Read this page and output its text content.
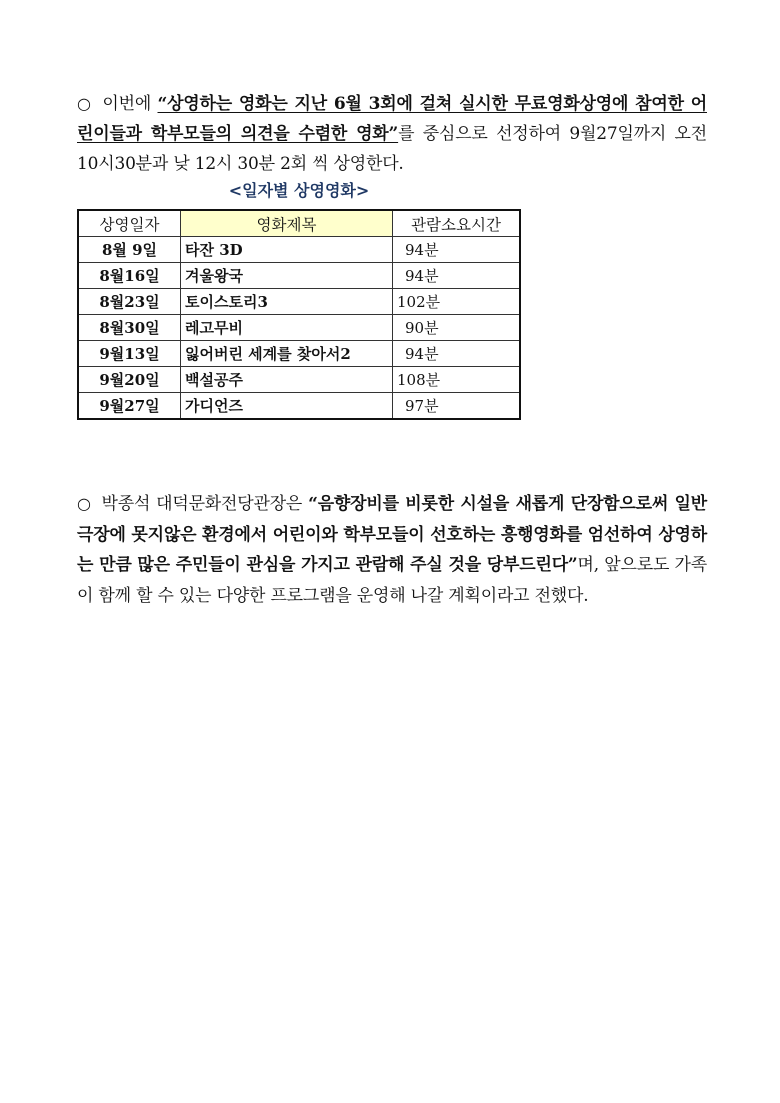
○ 이번에 “상영하는 영화는 지난 6월 3회에 걸쳐 실시한 무료영화상영에 참여한 어린이들과 학부모들의 의견을 수렴한 영화”를 중심으로 선정하여 9월27일까지 오전 10시30분과 낮 12시 30분 2회 씩 상영한다.

<일자별 상영영화>
상영일자	영화제목	관람소요시간
8월 9일	타잔 3D	94분
8월16일	겨울왕국	94분
8월23일	토이스토리3	102분
8월30일	레고무비	90분
9월13일	잃어버린 세계를 찾아서2	94분
9월20일	백설공주	108분
9월27일	가디언즈	97분

○ 박종석 대덕문화전당관장은 “음향장비를 비롯한 시설을 새롭게 단장함으로써 일반극장에 못지않은 환경에서 어린이와 학부모들이 선호하는 흥행영화를 엄선하여 상영하는 만큼 많은 주민들이 관심을 가지고 관람해 주실 것을 당부드린다”며, 앞으로도 가족이 함께 할 수 있는 다양한 프로그램을 운영해 나갈 계획이라고 전했다.
